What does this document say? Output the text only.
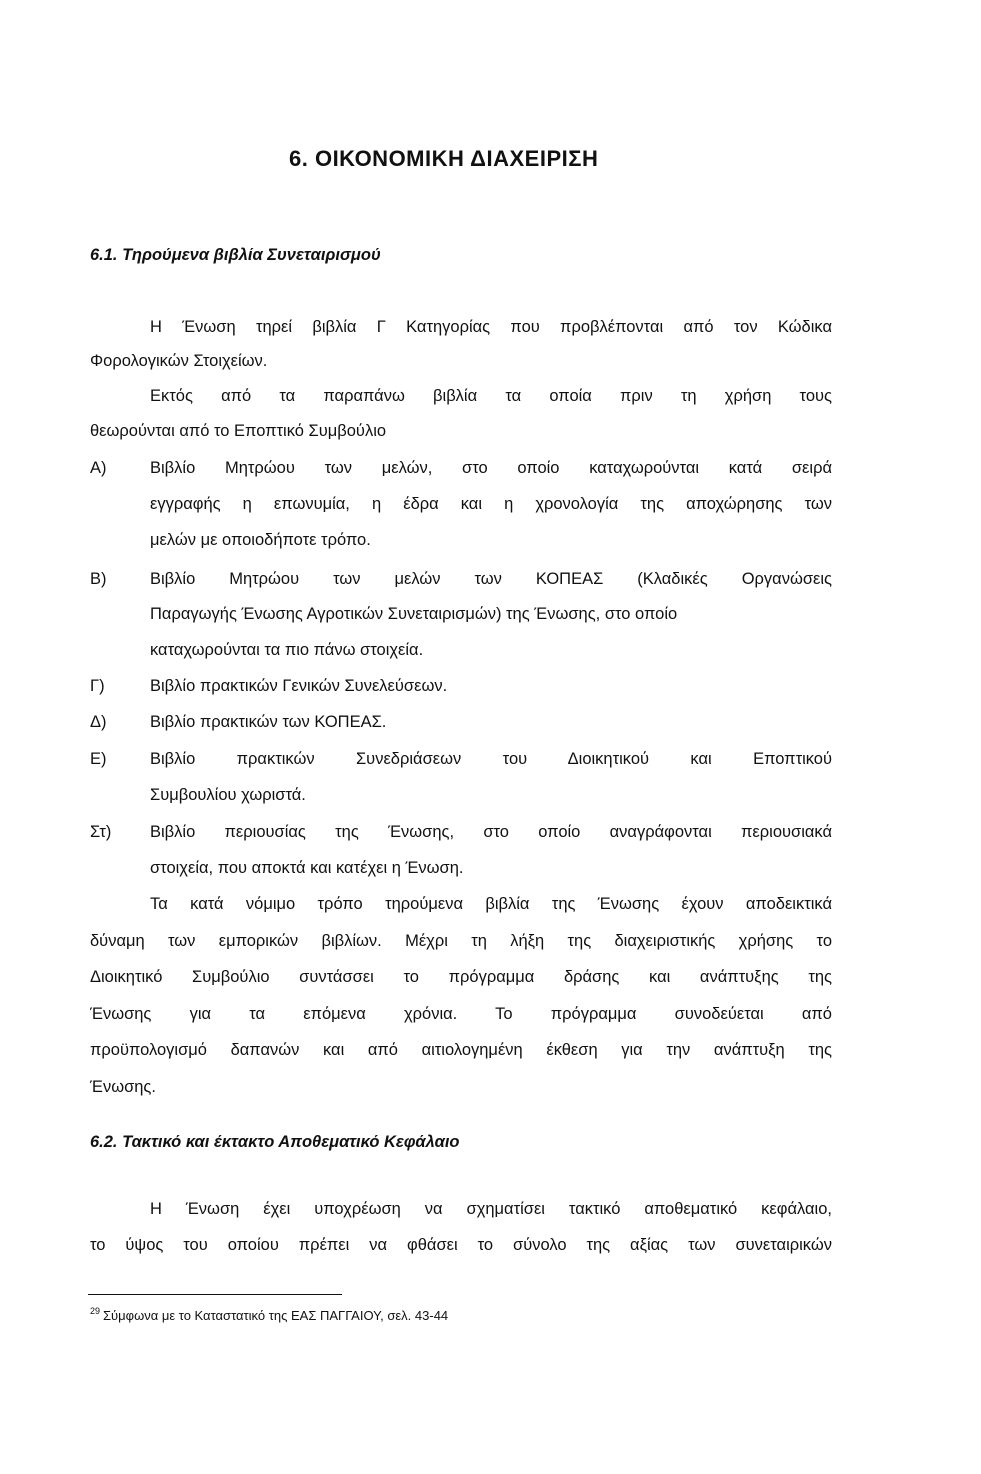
6. ΟΙΚΟΝΟΜΙΚΗ ΔΙΑΧΕΙΡΙΣΗ
6.1. Τηρούμενα βιβλία Συνεταιρισμού
Η Ένωση τηρεί βιβλία Γ Κατηγορίας που προβλέπονται από τον Κώδικα
Φορολογικών Στοιχείων.
Εκτός από τα παραπάνω βιβλία τα οποία πριν τη χρήση τους
θεωρούνται από το Εποπτικό Συμβούλιο
Α)	Βιβλίο Μητρώου των μελών, στο οποίο καταχωρούνται κατά σειρά
εγγραφής η επωνυμία, η έδρα και η χρονολογία της αποχώρησης των
μελών με οποιοδήποτε τρόπο.
Β)	Βιβλίο Μητρώου των μελών των ΚΟΠΕΑΣ (Κλαδικές Οργανώσεις
Παραγωγής Ένωσης Αγροτικών Συνεταιρισμών) της Ένωσης, στο οποίο
καταχωρούνται τα πιο πάνω στοιχεία.
Γ)	Βιβλίο πρακτικών Γενικών Συνελεύσεων.
Δ)	Βιβλίο πρακτικών των ΚΟΠΕΑΣ.
Ε)	Βιβλίο πρακτικών Συνεδριάσεων του Διοικητικού και Εποπτικού
Συμβουλίου χωριστά.
Στ) Βιβλίο περιουσίας της Ένωσης, στο οποίο αναγράφονται περιουσιακά
στοιχεία, που αποκτά και κατέχει η Ένωση.
Τα κατά νόμιμο τρόπο τηρούμενα βιβλία της Ένωσης έχουν αποδεικτικά
δύναμη των εμπορικών βιβλίων. Μέχρι τη λήξη της διαχειριστικής χρήσης το
Διοικητικό Συμβούλιο συντάσσει το πρόγραμμα δράσης και ανάπτυξης της
Ένωσης για τα επόμενα χρόνια. Το πρόγραμμα συνοδεύεται από
προϋπολογισμό δαπανών και από αιτιολογημένη έκθεση για την ανάπτυξη της
Ένωσης.
6.2. Τακτικό και έκτακτο Αποθεματικό Κεφάλαιο
Η Ένωση έχει υποχρέωση να σχηματίσει τακτικό αποθεματικό κεφάλαιο,
το ύψος του οποίου πρέπει να φθάσει το σύνολο της αξίας των συνεταιρικών
$^{29}$ Σύμφωνα με το Καταστατικό της ΕΑΣ ΠΑΓΓΑΙΟΥ, σελ. 43-44
